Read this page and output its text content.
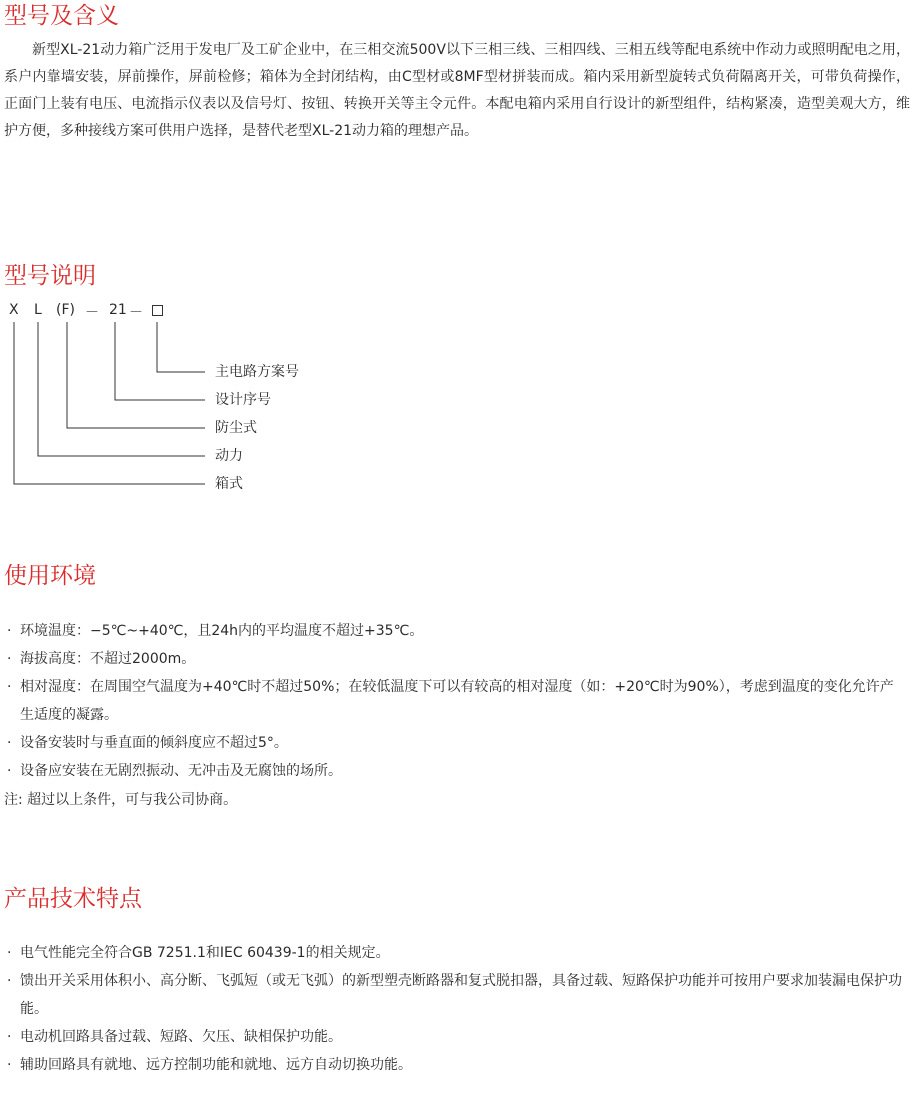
型号及含义

新型XL-21动力箱广泛用于发电厂及工矿企业中，在三相交流500V以下三相三线、三相四线、三相五线等配电系统中作动力或照明配电之用，系户内靠墙安装，屏前操作，屏前检修；箱体为全封闭结构，由C型材或8MF型材拼装而成。箱内采用新型旋转式负荷隔离开关，可带负荷操作，正面门上装有电压、电流指示仪表以及信号灯、按钮、转换开关等主令元件。本配电箱内采用自行设计的新型组件，结构紧凑，造型美观大方，维护方便，多种接线方案可供用户选择，是替代老型XL-21动力箱的理想产品。

型号说明
X L (F) － 21 －
主电路方案号
设计序号
防尘式
动力
箱式
使用环境
· 环境温度：−5℃~+40℃，且24h内的平均温度不超过+35℃。
· 海拔高度：不超过2000m。
· 相对湿度：在周围空气温度为+40℃时不超过50%；在较低温度下可以有较高的相对湿度（如：+20℃时为90%），考虑到温度的变化允许产生适度的凝露。
· 设备安装时与垂直面的倾斜度应不超过5°。
· 设备应安装在无剧烈振动、无冲击及无腐蚀的场所。

注: 超过以上条件，可与我公司协商。

产品技术特点
· 电气性能完全符合GB 7251.1和IEC 60439-1的相关规定。
· 馈出开关采用体积小、高分断、飞弧短（或无飞弧）的新型塑壳断路器和复式脱扣器，具备过载、短路保护功能并可按用户要求加装漏电保护功能。
· 电动机回路具备过载、短路、欠压、缺相保护功能。
· 辅助回路具有就地、远方控制功能和就地、远方自动切换功能。
